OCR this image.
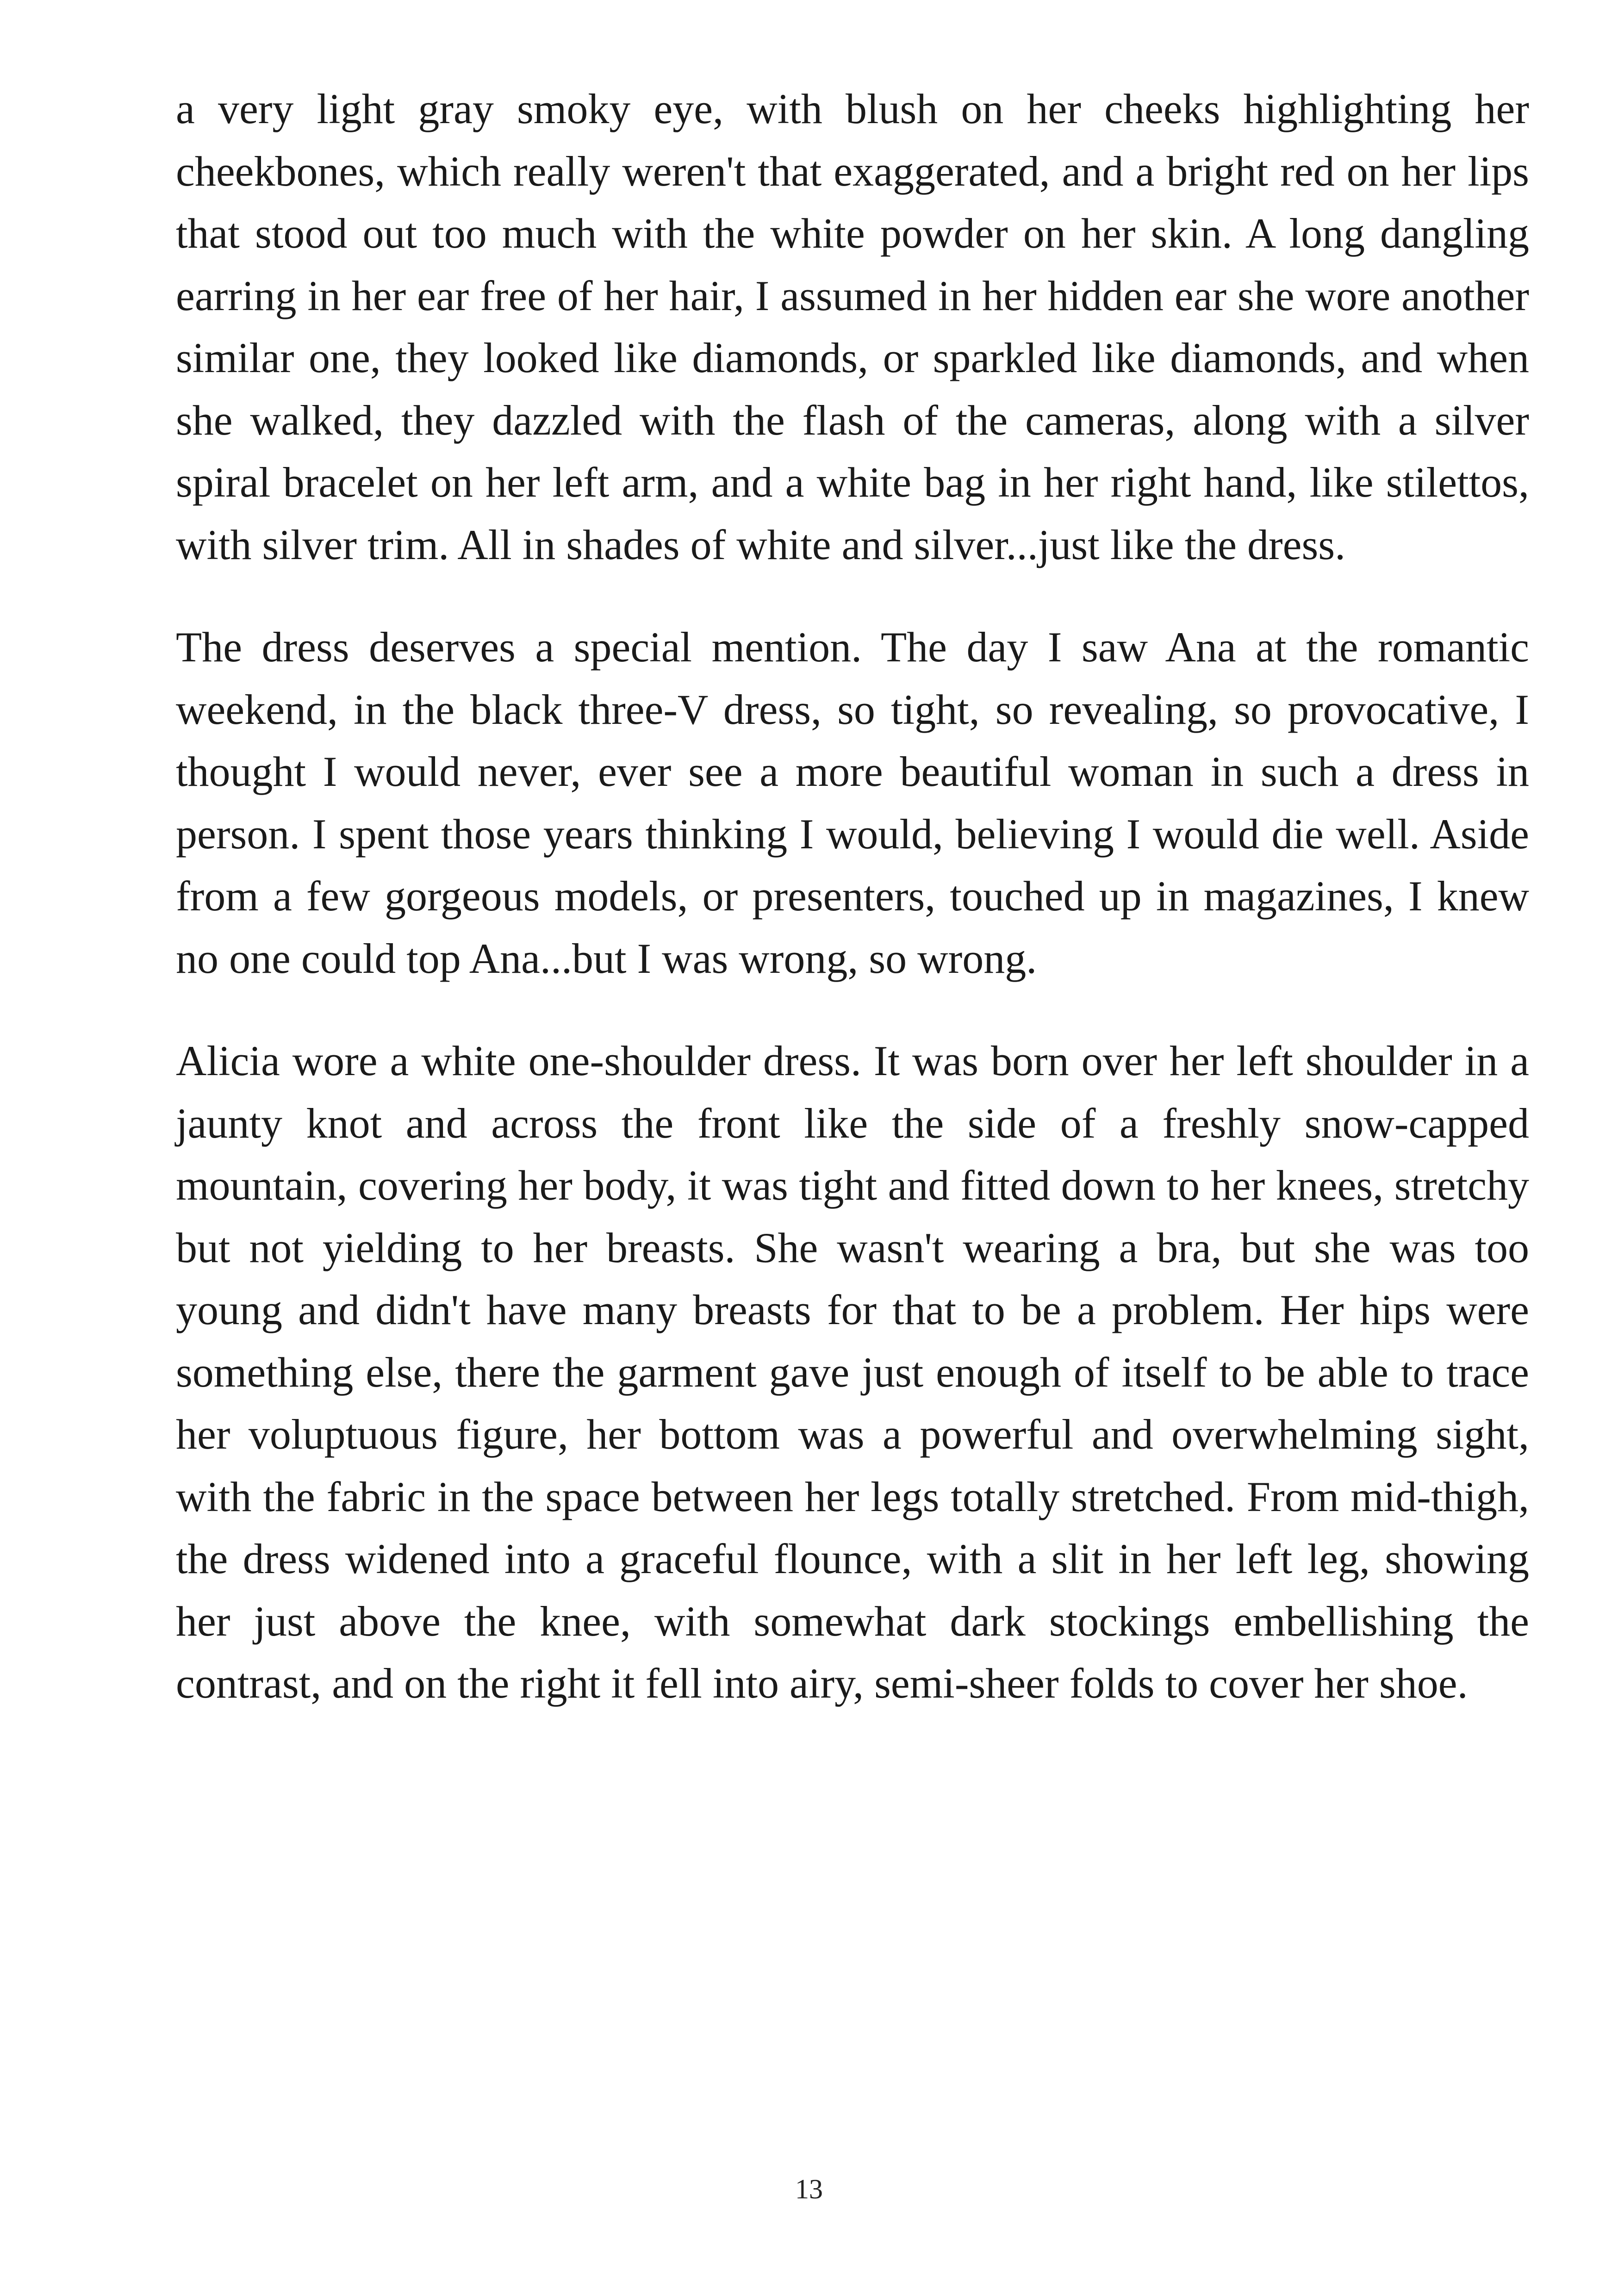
a very light gray smoky eye, with blush on her cheeks highlighting her cheekbones, which really weren't that exaggerated, and a bright red on her lips that stood out too much with the white powder on her skin. A long dangling earring in her ear free of her hair, I assumed in her hidden ear she wore another similar one, they looked like diamonds, or sparkled like diamonds, and when she walked, they dazzled with the flash of the cameras, along with a silver spiral bracelet on her left arm, and a white bag in her right hand, like stilettos, with silver trim. All in shades of white and silver...just like the dress.

The dress deserves a special mention. The day I saw Ana at the romantic weekend, in the black three-V dress, so tight, so revealing, so provocative, I thought I would never, ever see a more beautiful woman in such a dress in person. I spent those years thinking I would, believing I would die well. Aside from a few gorgeous models, or presenters, touched up in magazines, I knew no one could top Ana...but I was wrong, so wrong.

Alicia wore a white one-shoulder dress. It was born over her left shoulder in a jaunty knot and across the front like the side of a freshly snow-capped mountain, covering her body, it was tight and fitted down to her knees, stretchy but not yielding to her breasts. She wasn't wearing a bra, but she was too young and didn't have many breasts for that to be a problem. Her hips were something else, there the garment gave just enough of itself to be able to trace her voluptuous figure, her bottom was a powerful and overwhelming sight, with the fabric in the space between her legs totally stretched. From mid-thigh, the dress widened into a graceful flounce, with a slit in her left leg, showing her just above the knee, with somewhat dark stockings embellishing the contrast, and on the right it fell into airy, semi-sheer folds to cover her shoe.

13
